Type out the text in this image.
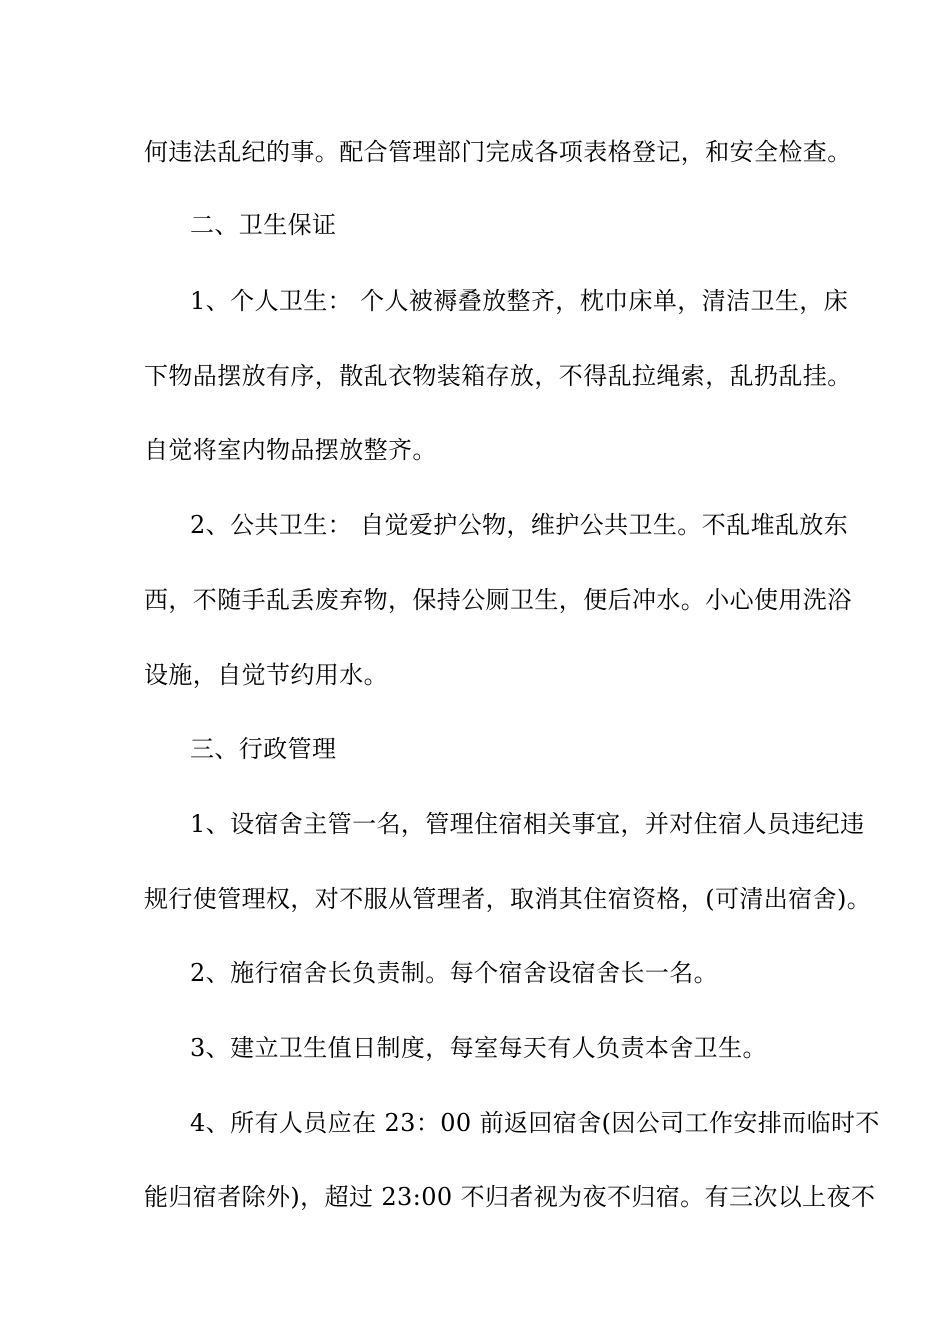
何违法乱纪的事。配合管理部门完成各项表格登记，和安全检查。
二、卫生保证
1、个人卫生： 个人被褥叠放整齐，枕巾床单，清洁卫生，床
下物品摆放有序，散乱衣物装箱存放，不得乱拉绳索，乱扔乱挂。
自觉将室内物品摆放整齐。
2、公共卫生： 自觉爱护公物，维护公共卫生。不乱堆乱放东
西，不随手乱丢废弃物，保持公厕卫生，便后冲水。小心使用洗浴
设施，自觉节约用水。
三、行政管理
1、设宿舍主管一名，管理住宿相关事宜，并对住宿人员违纪违
规行使管理权，对不服从管理者，取消其住宿资格，(可清出宿舍)。
2、施行宿舍长负责制。每个宿舍设宿舍长一名。
3、建立卫生值日制度，每室每天有人负责本舍卫生。
4、所有人员应在 23：00 前返回宿舍(因公司工作安排而临时不
能归宿者除外)，超过 23:00 不归者视为夜不归宿。有三次以上夜不
